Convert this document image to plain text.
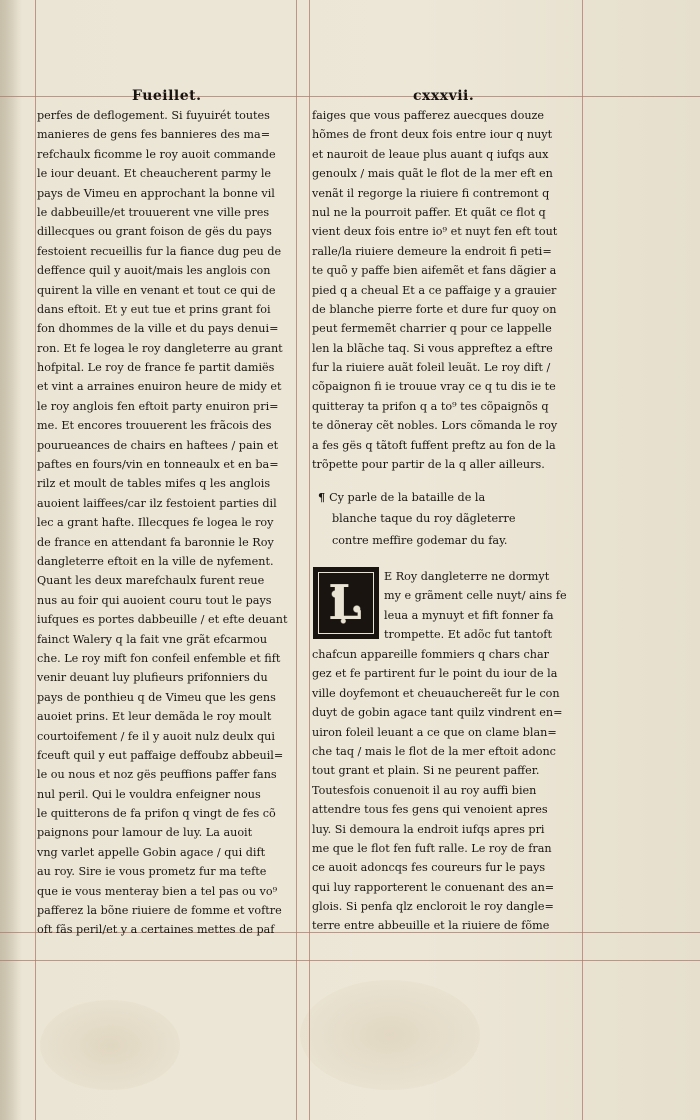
Fueillet.	cxxxvii.
perfes de deflogement. Si fuyuirét toutes
manieres de gens fes bannieres des ma=
refchaulx ficomme le roy auoit commande
le iour deuant. Et cheaucherent parmy le
pays de Vimeu en approchant la bonne vil
le dabbeuille/et trouuerent vne ville pres
dillecques ou grant foison de gës du pays
festoient recueillis fur la fiance dug peu de
deffence quil y auoit/mais les anglois con
quirent la ville en venant et tout ce qui de
dans eftoit. Et y eut tue et prins grant foi
fon dhommes de la ville et du pays denui=
ron. Et fe logea le roy dangleterre au grant
hofpital. Le roy de france fe partit damiës
et vint a arraines enuiron heure de midy et
le roy anglois fen eftoit party enuiron pri=
me. Et encores trouuerent les frãcois des
pourueances de chairs en haftees / pain et
paftes en fours/vin en tonneaulx et en ba=
rilz et moult de tables mifes q les anglois
auoient laiffees/car ilz festoient parties dil
lec a grant hafte. Illecques fe logea le roy
de france en attendant fa baronnie le Roy
dangleterre eftoit en la ville de nyfement.
Quant les deux marefchaulx furent reue
nus au foir qui auoient couru tout le pays
iufques es portes dabbeuille / et efte deuant
fainct Walery q la fait vne grãt efcarmou
che. Le roy mift fon confeil enfemble et fift
venir deuant luy plufieurs prifonniers du
pays de ponthieu q de Vimeu que les gens
auoiet prins. Et leur demãda le roy moult
courtoifement / fe il y auoit nulz deulx qui
fceuft quil y eut paffaige deffoubz abbeuil=
le ou nous et noz gës peuffions paffer fans
nul peril. Qui le vouldra enfeigner nous
le quitterons de fa prifon q vingt de fes cõ
paignons pour lamour de luy. La auoit
vng varlet appelle Gobin agace / qui dift
au roy. Sire ie vous prometz fur ma tefte
que ie vous menteray bien a tel pas ou vo⁹
pafferez la bõne riuiere de fomme et voftre
oft fãs peril/et y a certaines mettes de paf
faiges que vous pafferez auecques douze
hõmes de front deux fois entre iour q nuyt
et nauroit de leaue plus auant q iufqs aux
genoulx / mais quãt le flot de la mer eft en
venãt il regorge la riuiere fi contremont q
nul ne la pourroit paffer. Et quãt ce flot q
vient deux fois entre io⁹ et nuyt fen eft tout
ralle/la riuiere demeure la endroit fi peti=
te quõ y paffe bien aifemẽt et fans dãgier a
pied q a cheual Et a ce paffaige y a grauier
de blanche pierre forte et dure fur quoy on
peut fermemẽt charrier q pour ce lappelle
len la blãche taq. Si vous appreftez a eftre
fur la riuiere auãt foleil leuãt. Le roy dift /
cõpaignon fi ie trouue vray ce q tu dis ie te
quitteray ta prifon q a to⁹ tes cõpaignõs q
te dõneray cẽt nobles. Lors cõmanda le roy
a fes gës q tãtoft fuffent preftz au fon de la
trõpette pour partir de la q aller ailleurs.
¶ Cy parle de la bataille de la
blanche taque du roy dãgleterre
contre meffire godemar du fay.
L	E Roy dangleterre ne dormyt
my e grãment celle nuyt/ ains fe
leua a mynuyt et fift fonner fa
trompette. Et adõc fut tantoft
chafcun appareille fommiers q chars char
gez et fe partirent fur le point du iour de la
ville doyfemont et cheuauchereẽt fur le con
duyt de gobin agace tant quilz vindrent en=
uiron foleil leuant a ce que on clame blan=
che taq / mais le flot de la mer eftoit adonc
tout grant et plain. Si ne peurent paffer.
Toutesfois conuenoit il au roy auffi bien
attendre tous fes gens qui venoient apres
luy. Si demoura la endroit iufqs apres pri
me que le flot fen fuft ralle. Le roy de fran
ce auoit adoncqs fes coureurs fur le pays
qui luy rapporterent le conuenant des an=
glois. Si penfa qlz encloroit le roy dangle=
terre entre abbeuille et la riuiere de fõme
